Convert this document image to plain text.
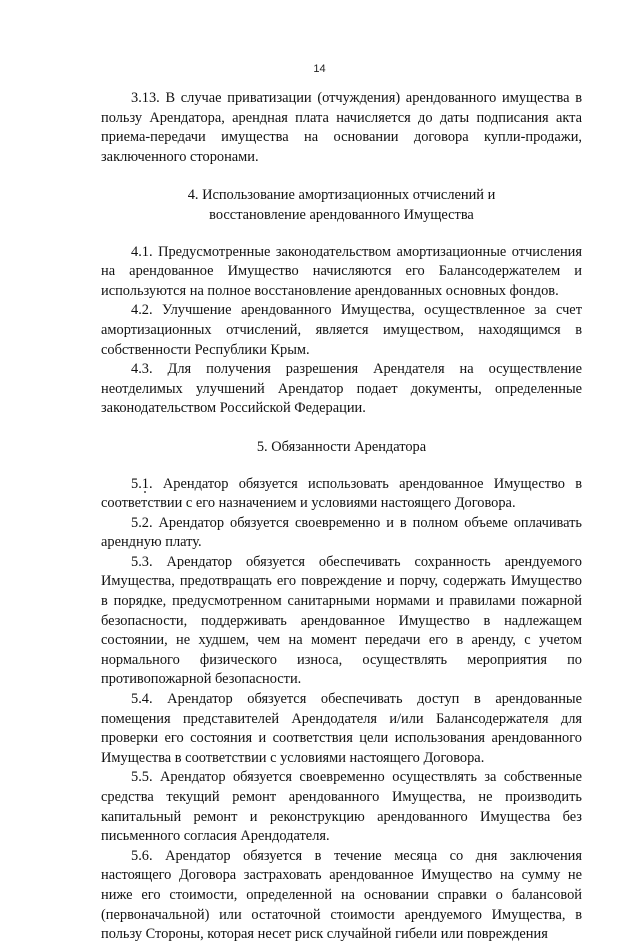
14

3.13. В случае приватизации (отчуждения) арендованного имущества в пользу Арендатора, арендная плата начисляется до даты подписания акта приема-передачи имущества на основании договора купли-продажи, заключенного сторонами.

4. Использование амортизационных отчислений и восстановление арендованного Имущества

4.1. Предусмотренные законодательством амортизационные отчисления на арендованное Имущество начисляются его Балансодержателем и используются на полное восстановление арендованных основных фондов.

4.2. Улучшение арендованного Имущества, осуществленное за счет амортизационных отчислений, является имуществом, находящимся в собственности Республики Крым.

4.3. Для получения разрешения Арендателя на осуществление неотделимых улучшений Арендатор подает документы, определенные законодательством Российской Федерации.

5. Обязанности Арендатора

5.1. Арендатор обязуется использовать арендованное Имущество в соответствии с его назначением и условиями настоящего Договора.

5.2. Арендатор обязуется своевременно и в полном объеме оплачивать арендную плату.

5.3. Арендатор обязуется обеспечивать сохранность арендуемого Имущества, предотвращать его повреждение и порчу, содержать Имущество в порядке, предусмотренном санитарными нормами и правилами пожарной безопасности, поддерживать арендованное Имущество в надлежащем состоянии, не худшем, чем на момент передачи его в аренду, с учетом нормального физического износа, осуществлять мероприятия по противопожарной безопасности.

5.4. Арендатор обязуется обеспечивать доступ в арендованные помещения представителей Арендодателя и/или Балансодержателя для проверки его состояния и соответствия цели использования арендованного Имущества в соответствии с условиями настоящего Договора.

5.5. Арендатор обязуется своевременно осуществлять за собственные средства текущий ремонт арендованного Имущества, не производить капитальный ремонт и реконструкцию арендованного Имущества без письменного согласия Арендодателя.

5.6. Арендатор обязуется в течение месяца со дня заключения настоящего Договора застраховать арендованное Имущество на сумму не ниже его стоимости, определенной на основании справки о балансовой (первоначальной) или остаточной стоимости арендуемого Имущества, в пользу Стороны, которая несет риск случайной гибели или повреждения
